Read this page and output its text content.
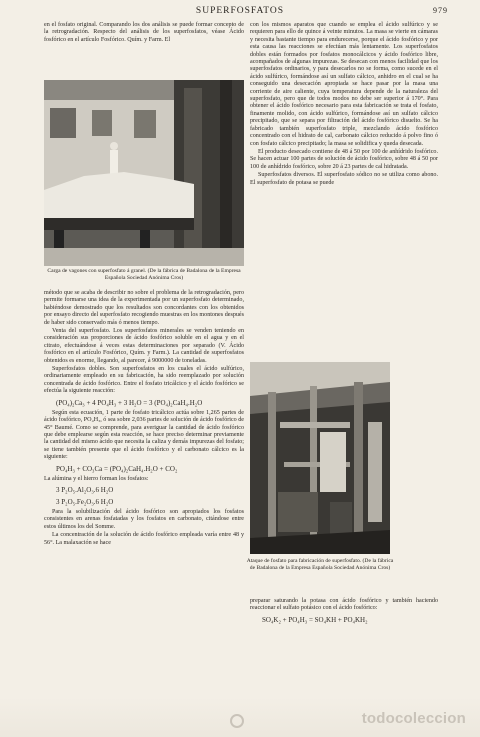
SUPERFOSFATOS	979

en el fosfato original. Comparando los dos análisis se puede formar concepto de la retrogradación. Respecto del análisis de los superfosfatos, véase Ácido fosfórico en el artículo Fosfórico. Quím. y Farm. El

Carga de vagones con superfosfato á granel. (De la fábrica de Badalona de la Empresa Española Sociedad Anónima Cros)

método que se acaba de describir no sobre el problema de la retrogradación, pero permite formarse una idea de la experimentada por un superfosfato determinado, habiéndose demostrado que los resultados son concordantes con los obtenidos por ensayo directo del superfosfato recogiendo muestras en los montones después de haber sido conservado más ó menos tiempo.

Venta del superfosfato. Los superfosfatos minerales se venden teniendo en consideración sus proporciones de ácido fosfórico soluble en el agua y en el citrato, efectuándose á veces estas determinaciones por separado (V. Ácido fosfórico en el artículo Fosfórico, Quím. y Farm.). La cantidad de superfosfatos obtenidos es enorme, llegando, al parecer, á 9000000 de toneladas.

Superfosfatos dobles. Son superfosfatos en los cuales el ácido sulfúrico, ordinariamente empleado en su fabricación, ha sido reemplazado por solución concentrada de ácido fosfórico. Entre el fosfato tricálcico y el ácido fosfórico se efectúa la siguiente reacción:

(PO₄)₂Ca₃ + 4 PO₄H₃ + 3 H₂O = 3 (PO₄)₂CaH₄.H₂O

Según esta ecuación, 1 parte de fosfato tricálcico actúa sobre 1,265 partes de ácido fosfórico, PO₄H₃, ó sea sobre 2,036 partes de solución de ácido fosfórico de 45° Baumé. Como se comprende, para averiguar la cantidad de ácido fosfórico que debe emplearse según esta reacción, se hace preciso determinar previamente la cantidad del mismo ácido que necesita la caliza y demás impurezas del fosfato; se tiene también presente que el ácido fosfórico y el carbonato cálcico es la siguiente:

PO₄H₃ + CO₃Ca = (PO₄)₂CaH₄.H₂O + CO₂

La alúmina y el hierro forman los fosfatos:

3 P₂O₅.Al₂O₃.6 H₂O
3 P₂O₅.Fe₂O₃.6 H₂O

Para la solubilización del ácido fosfórico son apropiados los fosfatos consistentes en arenas fosfatadas y los fosfatos en carbonato, citándose entre estos últimos los del Somme.

La concentración de la solución de ácido fosfórico empleada varía entre 48 y 56°. La malaxación se hace

con los mismos aparatos que cuando se emplea el ácido sulfúrico y se requieren para ello de quince á veinte minutos. La masa se vierte en cámaras y necesita bastante tiempo para endurecerse, porque el ácido fosfórico y por esta causa las reacciones se efectúan más lentamente. Los superfosfatos dobles están formados por fosfatos monocálcicos y ácido fosfórico libre, acompañados de algunas impurezas. Se desecan con menos facilidad que los superfosfatos ordinarios, y para desecarlos no se forma, como sucede en el ácido sulfúrico, formándose así un sulfato cálcico, anhidro en el cual se ha conseguido una desecación apropiada se hace pasar por la masa una corriente de aire caliente, cuya temperatura depende de la naturaleza del superfosfato, pero que de todos modos no debe ser superior á 170°. Para obtener el ácido fosfórico necesario para esta fabricación se trata el fosfato, finamente molido, con ácido sulfúrico, formándose así un sulfato cálcico precipitado, que se separa por filtración del ácido fosfórico disuelto. Se ha fabricado también superfosfato triple, mezclando ácido fosfórico concentrado con el hidrato de cal, carbonato cálcico reducido á polvo fino ó con fosfato cálcico precipitado; la masa se solidifica y queda desecada.

El producto desecado contiene de 48 á 50 por 100 de anhídrido fosfórico. Se hacen actuar 100 partes de solución de ácido fosfórico, sobre 48 á 50 por 100 de anhídrido fosfórico, sobre 20 á 23 partes de cal hidratada.

Superfosfatos diversos. El superfosfato sódico no se utiliza como abono. El superfosfato de potasa se puede

Ataque de fosfato para fabricación de superfosfato. (De la fábrica de Badalona de la Empresa Española Sociedad Anónima Cros)

preparar saturando la potasa con ácido fosfórico y también haciendo reaccionar el sulfato potásico con el ácido fosfórico:

SO₄K₂ + PO₄H₃ = SO₄KH + PO₄KH₂
todocoleccion
